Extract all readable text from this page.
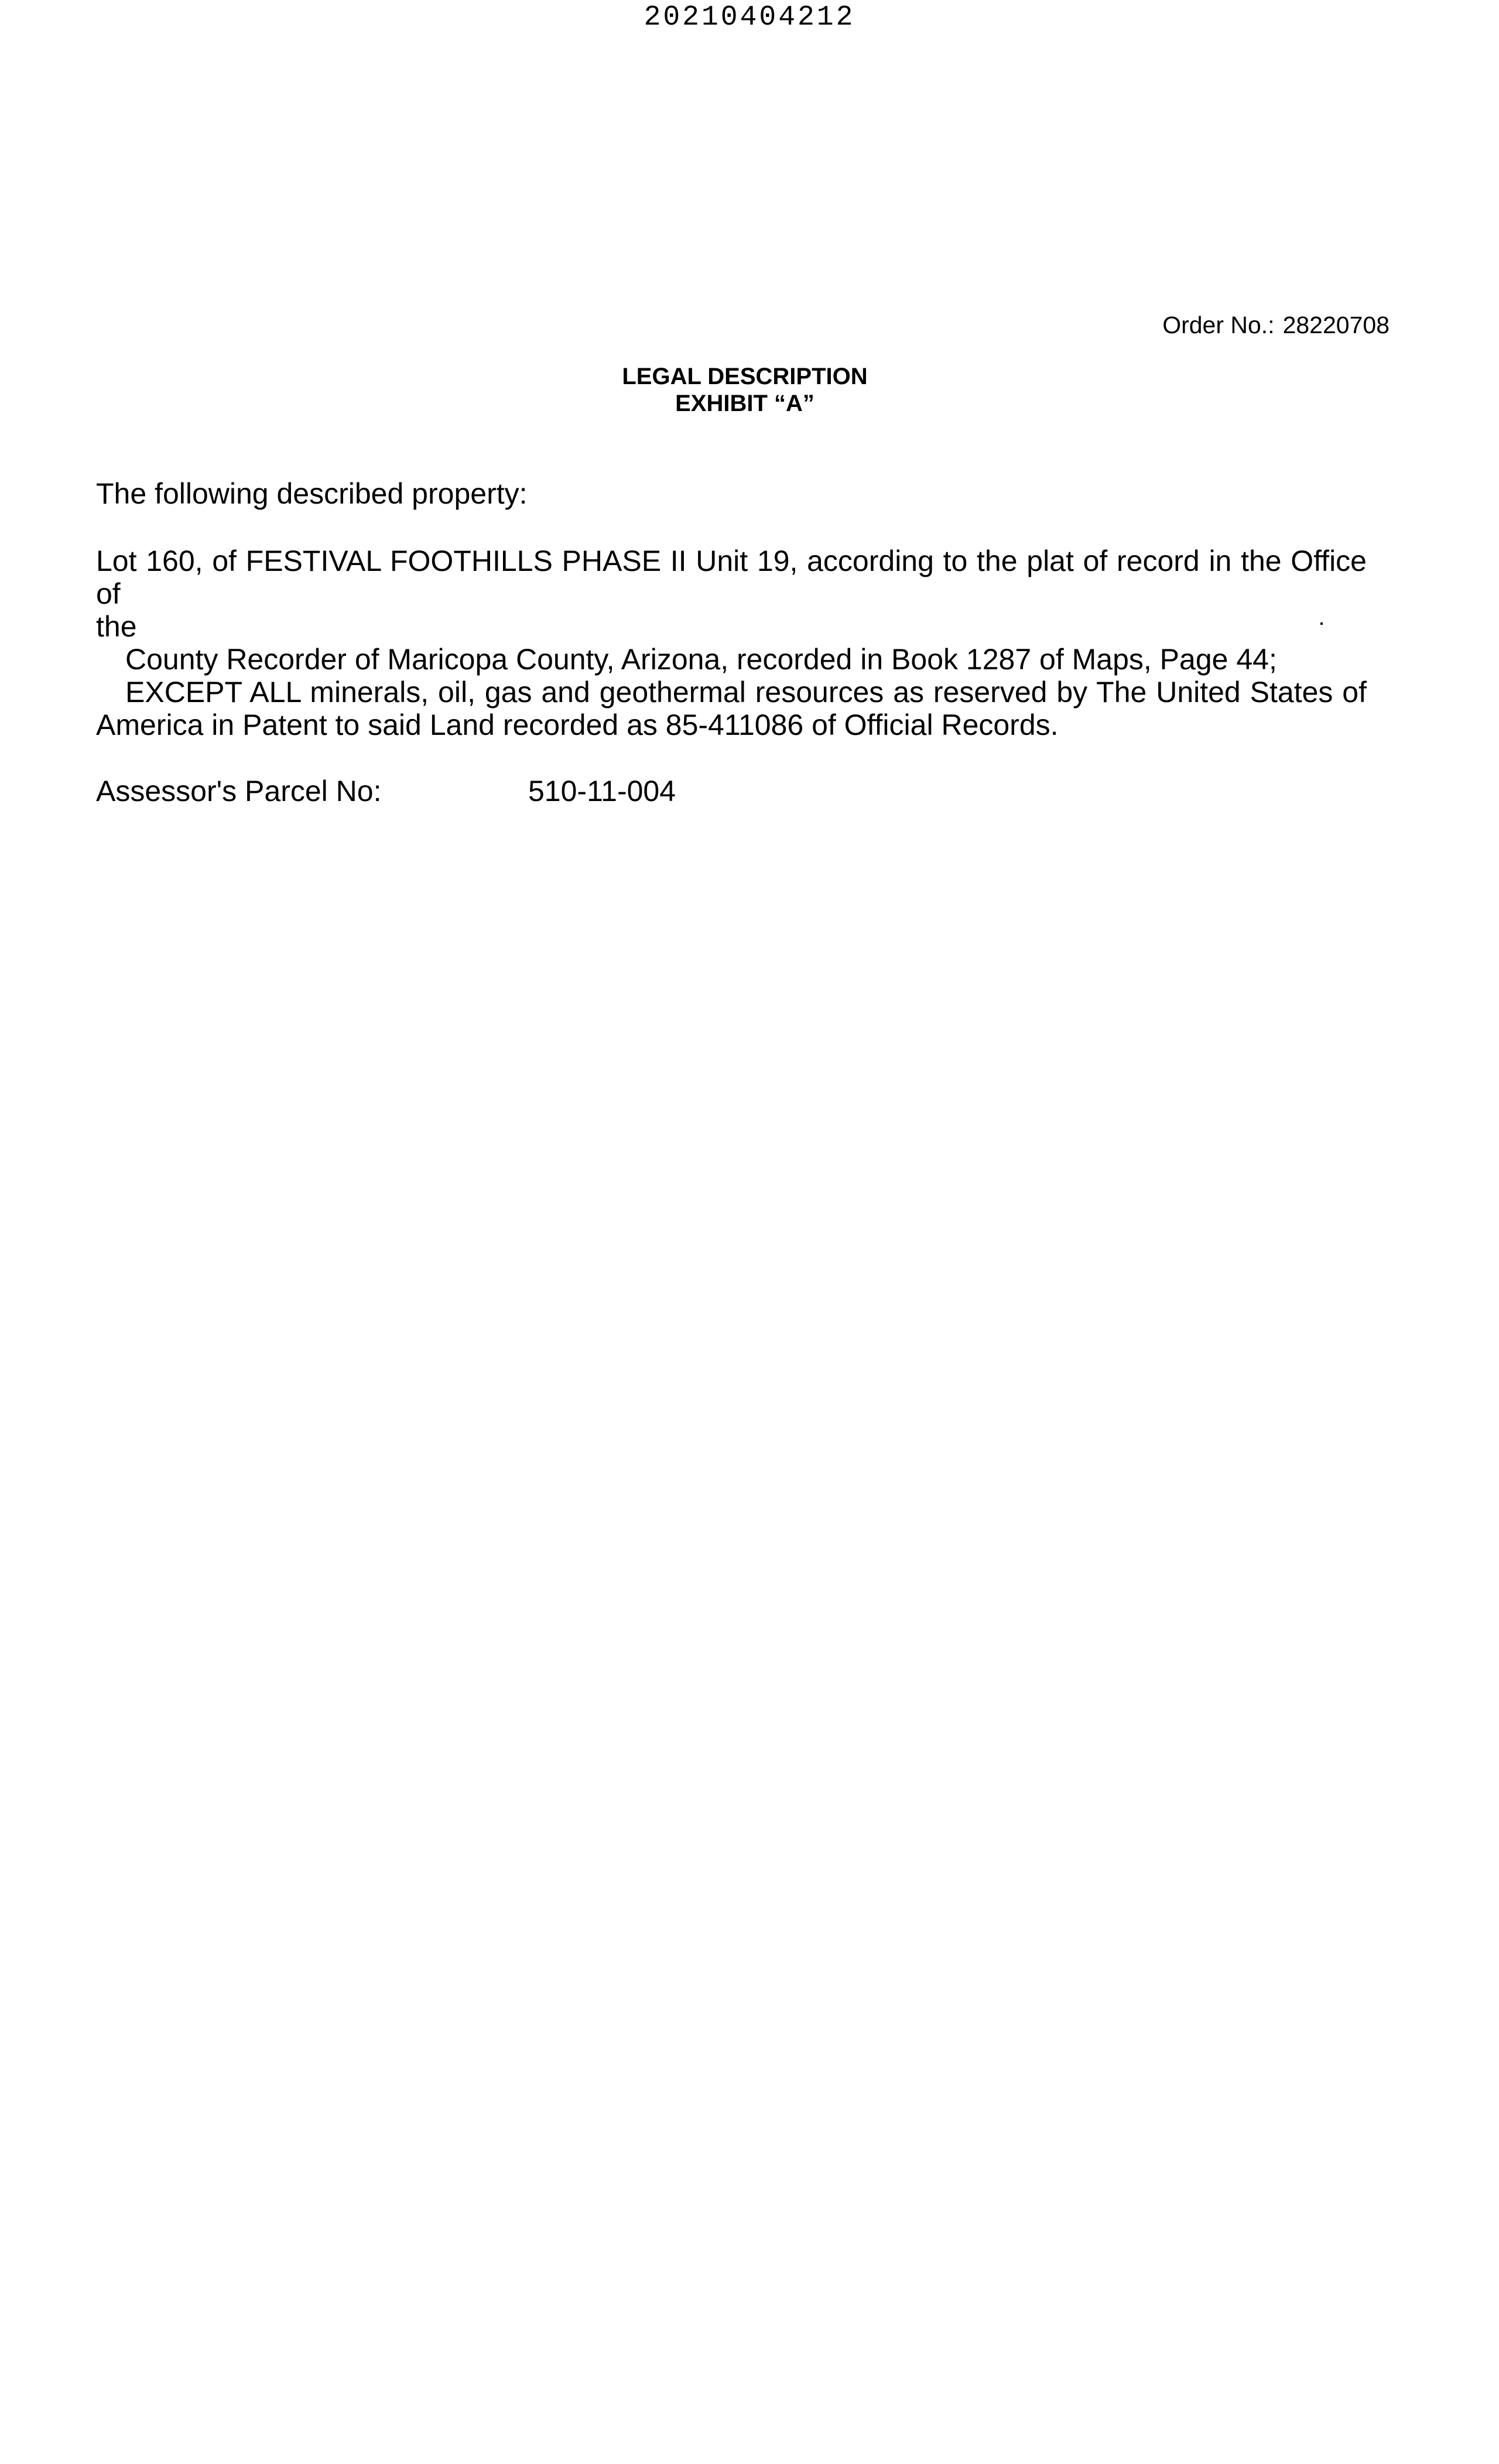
20210404212
Order No.: 28220708
LEGAL DESCRIPTION
EXHIBIT “A”
The following described property:
Lot 160, of FESTIVAL FOOTHILLS PHASE II Unit 19, according to the plat of record in the Office of
the
County Recorder of Maricopa County, Arizona, recorded in Book 1287 of Maps, Page 44;
EXCEPT ALL minerals, oil, gas and geothermal resources as reserved by The United States of
America in Patent to said Land recorded as 85-411086 of Official Records.
Assessor's Parcel No:	510-11-004
